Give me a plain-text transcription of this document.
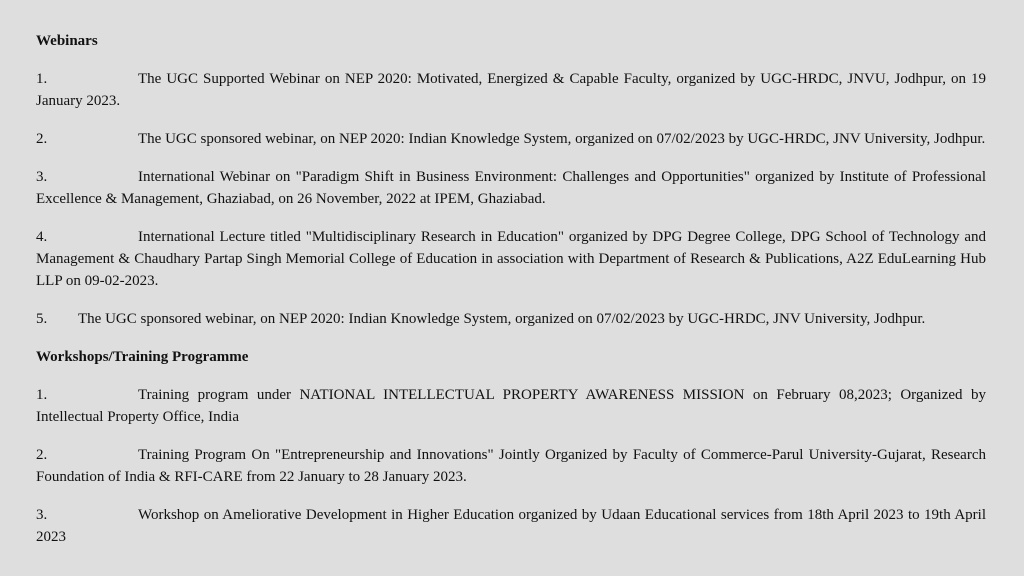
Webinars
1.	The UGC Supported Webinar on NEP 2020: Motivated, Energized & Capable Faculty, organized by UGC-HRDC, JNVU, Jodhpur, on 19 January 2023.
2.	The UGC sponsored webinar, on NEP 2020: Indian Knowledge System, organized on 07/02/2023 by UGC-HRDC, JNV University, Jodhpur.
3.	International Webinar on "Paradigm Shift in Business Environment: Challenges and Opportunities" organized by Institute of Professional Excellence & Management, Ghaziabad, on 26 November, 2022 at IPEM, Ghaziabad.
4.	International Lecture titled "Multidisciplinary Research in Education" organized by DPG Degree College, DPG School of Technology and Management & Chaudhary Partap Singh Memorial College of Education in association with Department of Research & Publications, A2Z EduLearning Hub LLP on 09-02-2023.
5. The UGC sponsored webinar, on NEP 2020: Indian Knowledge System, organized on 07/02/2023 by UGC-HRDC, JNV University, Jodhpur.
Workshops/Training Programme
1.	Training program under NATIONAL INTELLECTUAL PROPERTY AWARENESS MISSION on February 08,2023; Organized by Intellectual Property Office, India
2.	Training Program On "Entrepreneurship and Innovations" Jointly Organized by Faculty of Commerce-Parul University-Gujarat, Research Foundation of India & RFI-CARE from 22 January to 28 January 2023.
3.	Workshop on Ameliorative Development in Higher Education organized by Udaan Educational services from 18th April 2023 to 19th April 2023
